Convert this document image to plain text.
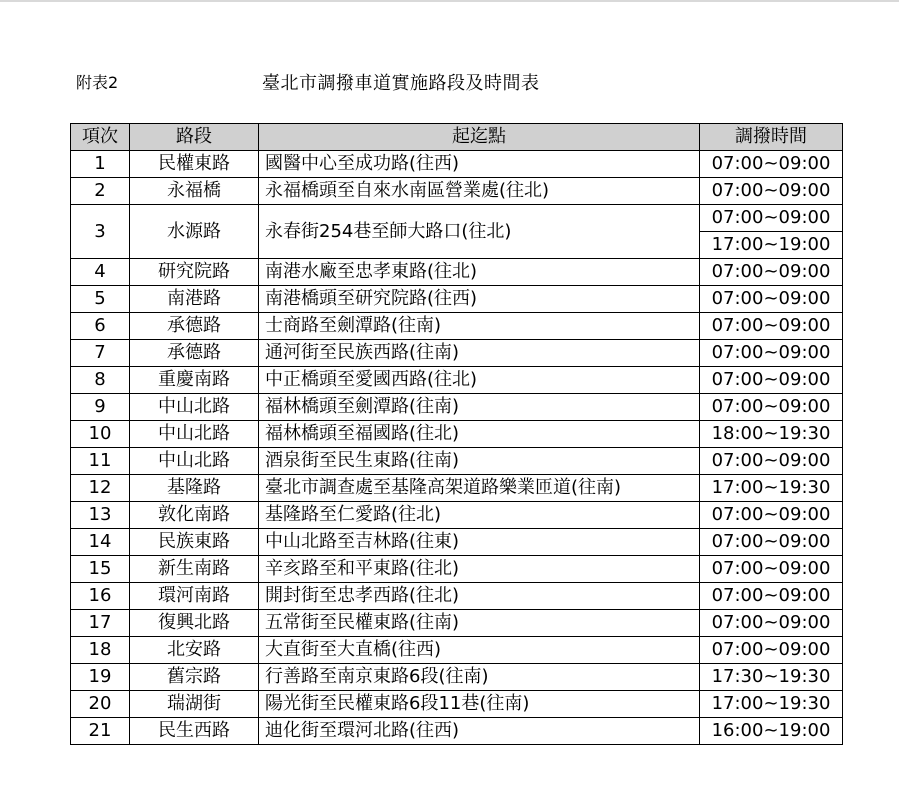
附表2	臺北市調撥車道實施路段及時間表
項次	路段	起迄點	調撥時間
1	民權東路	國醫中心至成功路(往西)	07:00~09:00
2	永福橋	永福橋頭至自來水南區營業處(往北)	07:00~09:00
3	水源路	永春街254巷至師大路口(往北)	07:00~09:00
			17:00~19:00
4	研究院路	南港水廠至忠孝東路(往北)	07:00~09:00
5	南港路	南港橋頭至研究院路(往西)	07:00~09:00
6	承德路	士商路至劍潭路(往南)	07:00~09:00
7	承德路	通河街至民族西路(往南)	07:00~09:00
8	重慶南路	中正橋頭至愛國西路(往北)	07:00~09:00
9	中山北路	福林橋頭至劍潭路(往南)	07:00~09:00
10	中山北路	福林橋頭至福國路(往北)	18:00~19:30
11	中山北路	酒泉街至民生東路(往南)	07:00~09:00
12	基隆路	臺北市調查處至基隆高架道路樂業匝道(往南)	17:00~19:30
13	敦化南路	基隆路至仁愛路(往北)	07:00~09:00
14	民族東路	中山北路至吉林路(往東)	07:00~09:00
15	新生南路	辛亥路至和平東路(往北)	07:00~09:00
16	環河南路	開封街至忠孝西路(往北)	07:00~09:00
17	復興北路	五常街至民權東路(往南)	07:00~09:00
18	北安路	大直街至大直橋(往西)	07:00~09:00
19	舊宗路	行善路至南京東路6段(往南)	17:30~19:30
20	瑞湖街	陽光街至民權東路6段11巷(往南)	17:00~19:30
21	民生西路	迪化街至環河北路(往西)	16:00~19:00
